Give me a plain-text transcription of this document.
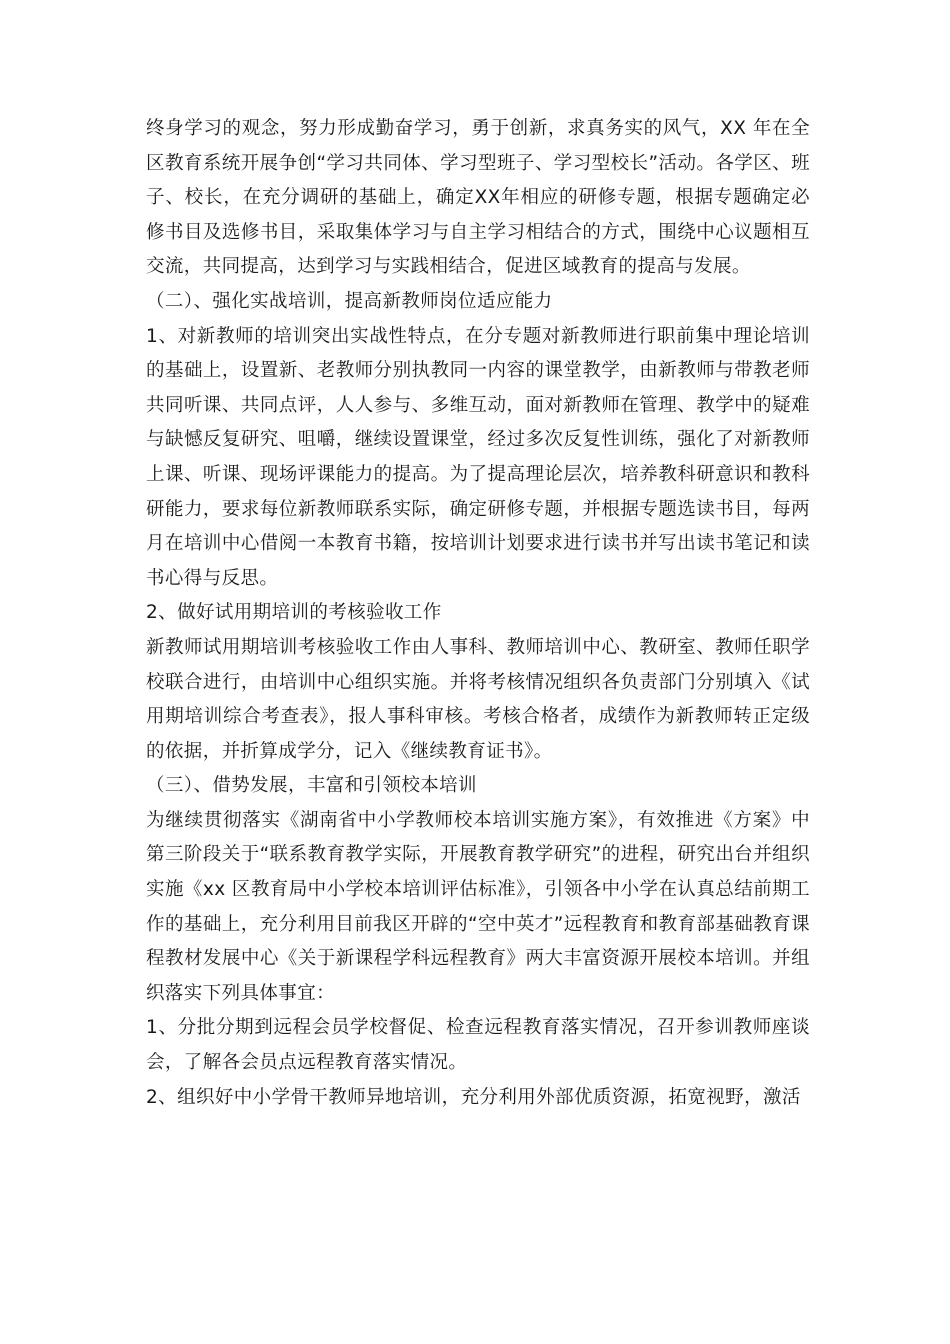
终身学习的观念，努力形成勤奋学习，勇于创新，求真务实的风气，XX 年在全区教育系统开展争创“学习共同体、学习型班子、学习型校长”活动。各学区、班子、校长，在充分调研的基础上，确定XX年相应的研修专题，根据专题确定必修书目及选修书目，采取集体学习与自主学习相结合的方式，围绕中心议题相互交流，共同提高，达到学习与实践相结合，促进区域教育的提高与发展。

（二）、强化实战培训，提高新教师岗位适应能力

1、对新教师的培训突出实战性特点，在分专题对新教师进行职前集中理论培训的基础上，设置新、老教师分别执教同一内容的课堂教学，由新教师与带教老师共同听课、共同点评，人人参与、多维互动，面对新教师在管理、教学中的疑难与缺憾反复研究、咀嚼，继续设置课堂，经过多次反复性训练，强化了对新教师上课、听课、现场评课能力的提高。为了提高理论层次，培养教科研意识和教科研能力，要求每位新教师联系实际，确定研修专题，并根据专题选读书目，每两月在培训中心借阅一本教育书籍，按培训计划要求进行读书并写出读书笔记和读书心得与反思。

2、做好试用期培训的考核验收工作

新教师试用期培训考核验收工作由人事科、教师培训中心、教研室、教师任职学校联合进行，由培训中心组织实施。并将考核情况组织各负责部门分别填入《试用期培训综合考查表》，报人事科审核。考核合格者，成绩作为新教师转正定级的依据，并折算成学分，记入《继续教育证书》。

（三）、借势发展，丰富和引领校本培训

为继续贯彻落实《湖南省中小学教师校本培训实施方案》，有效推进《方案》中第三阶段关于“联系教育教学实际，开展教育教学研究”的进程，研究出台并组织实施《xx 区教育局中小学校本培训评估标准》，引领各中小学在认真总结前期工作的基础上，充分利用目前我区开辟的“空中英才”远程教育和教育部基础教育课程教材发展中心《关于新课程学科远程教育》两大丰富资源开展校本培训。并组织落实下列具体事宜：

1、分批分期到远程会员学校督促、检查远程教育落实情况，召开参训教师座谈会，了解各会员点远程教育落实情况。

2、组织好中小学骨干教师异地培训，充分利用外部优质资源，拓宽视野，激活
